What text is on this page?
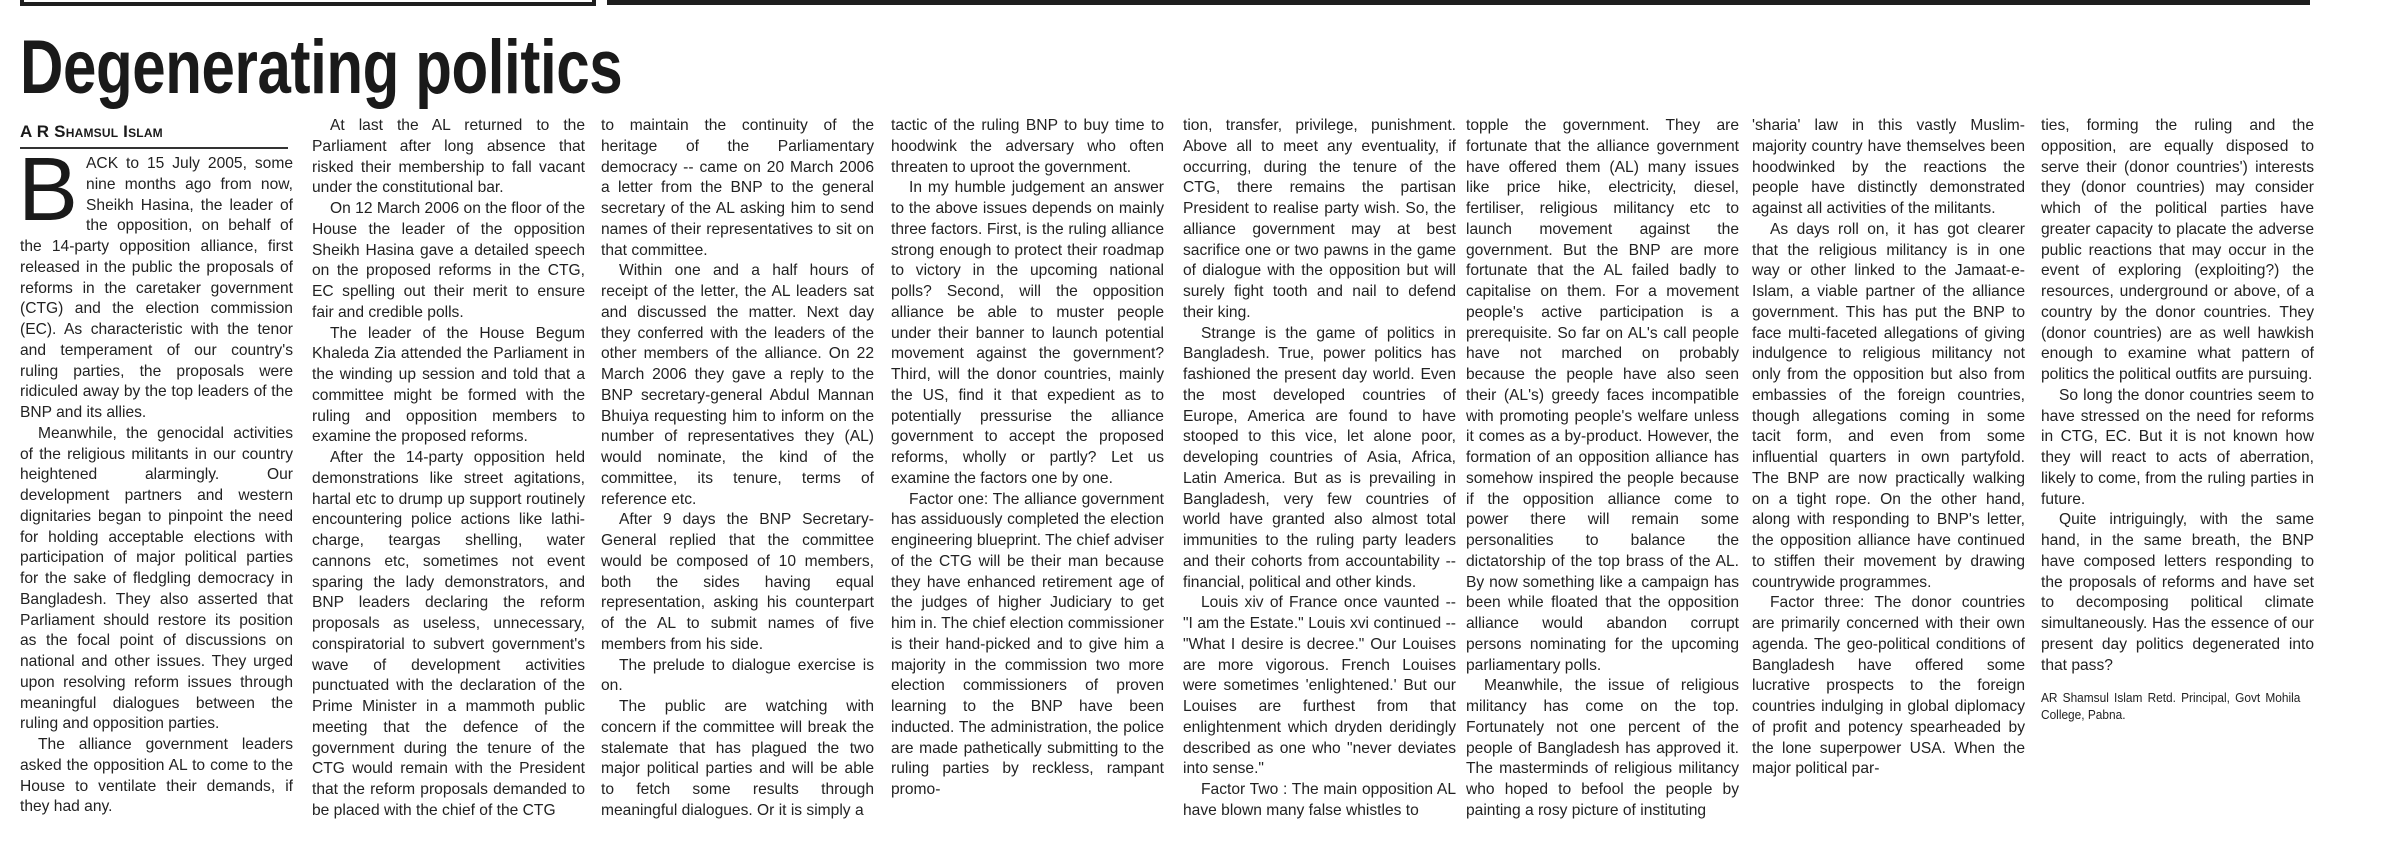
Degenerating politics
A R Shamsul Islam

BACK to 15 July 2005, some nine months ago from now, Sheikh Hasina, the leader of the opposition, on behalf of the 14-party opposition alliance, first released in the public the proposals of reforms in the caretaker government (CTG) and the election commission (EC). As characteristic with the tenor and temperament of our country's ruling parties, the proposals were ridiculed away by the top leaders of the BNP and its allies.

Meanwhile, the genocidal activities of the religious militants in our country heightened alarmingly. Our development partners and western dignitaries began to pinpoint the need for holding acceptable elections with participation of major political parties for the sake of fledgling democracy in Bangladesh. They also asserted that Parliament should restore its position as the focal point of discussions on national and other issues. They urged upon resolving reform issues through meaningful dialogues between the ruling and opposition parties.

The alliance government leaders asked the opposition AL to come to the House to ventilate their demands, if they had any.

At last the AL returned to the Parliament after long absence that risked their membership to fall vacant under the constitutional bar.

On 12 March 2006 on the floor of the House the leader of the opposition Sheikh Hasina gave a detailed speech on the proposed reforms in the CTG, EC spelling out their merit to ensure fair and credible polls.

The leader of the House Begum Khaleda Zia attended the Parliament in the winding up session and told that a committee might be formed with the ruling and opposition members to examine the proposed reforms.

After the 14-party opposition held demonstrations like street agitations, hartal etc to drump up support routinely encountering police actions like lathi-charge, teargas shelling, water cannons etc, sometimes not event sparing the lady demonstrators, and BNP leaders declaring the reform proposals as useless, unnecessary, conspiratorial to subvert government's wave of development activities punctuated with the declaration of the Prime Minister in a mammoth public meeting that the defence of the government during the tenure of the CTG would remain with the President that the reform proposals demanded to be placed with the chief of the CTG

to maintain the continuity of the heritage of the Parliamentary democracy -- came on 20 March 2006 a letter from the BNP to the general secretary of the AL asking him to send names of their representatives to sit on that committee.

Within one and a half hours of receipt of the letter, the AL leaders sat and discussed the matter. Next day they conferred with the leaders of the other members of the alliance. On 22 March 2006 they gave a reply to the BNP secretary-general Abdul Mannan Bhuiya requesting him to inform on the number of representatives they (AL) would nominate, the kind of the committee, its tenure, terms of reference etc.

After 9 days the BNP Secretary-General replied that the committee would be composed of 10 members, both the sides having equal representation, asking his counterpart of the AL to submit names of five members from his side.

The prelude to dialogue exercise is on.

The public are watching with concern if the committee will break the stalemate that has plagued the two major political parties and will be able to fetch some results through meaningful dialogues. Or it is simply a

tactic of the ruling BNP to buy time to hoodwink the adversary who often threaten to uproot the government.

In my humble judgement an answer to the above issues depends on mainly three factors. First, is the ruling alliance strong enough to protect their roadmap to victory in the upcoming national polls? Second, will the opposition alliance be able to muster people under their banner to launch potential movement against the government? Third, will the donor countries, mainly the US, find it that expedient as to potentially pressurise the alliance government to accept the proposed reforms, wholly or partly? Let us examine the factors one by one.

Factor one: The alliance government has assiduously completed the election engineering blueprint. The chief adviser of the CTG will be their man because they have enhanced retirement age of the judges of higher Judiciary to get him in. The chief election commissioner is their hand-picked and to give him a majority in the commission two more election commissioners of proven learning to the BNP have been inducted. The administration, the police are made pathetically submitting to the ruling parties by reckless, rampant promo-

tion, transfer, privilege, punishment. Above all to meet any eventuality, if occurring, during the tenure of the CTG, there remains the partisan President to realise party wish. So, the alliance government may at best sacrifice one or two pawns in the game of dialogue with the opposition but will surely fight tooth and nail to defend their king.

Strange is the game of politics in Bangladesh. True, power politics has fashioned the present day world. Even the most developed countries of Europe, America are found to have stooped to this vice, let alone poor, developing countries of Asia, Africa, Latin America. But as is prevailing in Bangladesh, very few countries of world have granted also almost total immunities to the ruling party leaders and their cohorts from accountability -- financial, political and other kinds.

Louis xiv of France once vaunted -- "I am the Estate." Louis xvi continued -- "What I desire is decree." Our Louises are more vigorous. French Louises were sometimes 'enlightened.' But our Louises are furthest from that enlightenment which dryden deridingly described as one who "never deviates into sense."

Factor Two : The main opposition AL have blown many false whistles to

topple the government. They are fortunate that the alliance government have offered them (AL) many issues like price hike, electricity, diesel, fertiliser, religious militancy etc to launch movement against the government. But the BNP are more fortunate that the AL failed badly to capitalise on them. For a movement people's active participation is a prerequisite. So far on AL's call people have not marched on probably because the people have also seen their (AL's) greedy faces incompatible with promoting people's welfare unless it comes as a by-product. However, the formation of an opposition alliance has somehow inspired the people because if the opposition alliance come to power there will remain some personalities to balance the dictatorship of the top brass of the AL. By now something like a campaign has been while floated that the opposition alliance would abandon corrupt persons nominating for the upcoming parliamentary polls.

Meanwhile, the issue of religious militancy has come on the top. Fortunately not one percent of the people of Bangladesh has approved it. The masterminds of religious militancy who hoped to befool the people by painting a rosy picture of instituting

'sharia' law in this vastly Muslim-majority country have themselves been hoodwinked by the reactions the people have distinctly demonstrated against all activities of the militants.

As days roll on, it has got clearer that the religious militancy is in one way or other linked to the Jamaat-e-Islam, a viable partner of the alliance government. This has put the BNP to face multi-faceted allegations of giving indulgence to religious militancy not only from the opposition but also from embassies of the foreign countries, though allegations coming in some tacit form, and even from some influential quarters in own partyfold. The BNP are now practically walking on a tight rope. On the other hand, along with responding to BNP's letter, the opposition alliance have continued to stiffen their movement by drawing countrywide programmes.

Factor three: The donor countries are primarily concerned with their own agenda. The geo-political conditions of Bangladesh have offered some lucrative prospects to the foreign countries indulging in global diplomacy of profit and potency spearheaded by the lone superpower USA. When the major political par-

ties, forming the ruling and the opposition, are equally disposed to serve their (donor countries') interests they (donor countries) may consider which of the political parties have greater capacity to placate the adverse public reactions that may occur in the event of exploring (exploiting?) the resources, underground or above, of a country by the donor countries. They (donor countries) are as well hawkish enough to examine what pattern of politics the political outfits are pursuing.

So long the donor countries seem to have stressed on the need for reforms in CTG, EC. But it is not known how they will react to acts of aberration, likely to come, from the ruling parties in future.

Quite intriguingly, with the same hand, in the same breath, the BNP have composed letters responding to the proposals of reforms and have set to decomposing political climate simultaneously. Has the essence of our present day politics degenerated into that pass?

AR Shamsul Islam Retd. Principal, Govt Mohila College, Pabna.
